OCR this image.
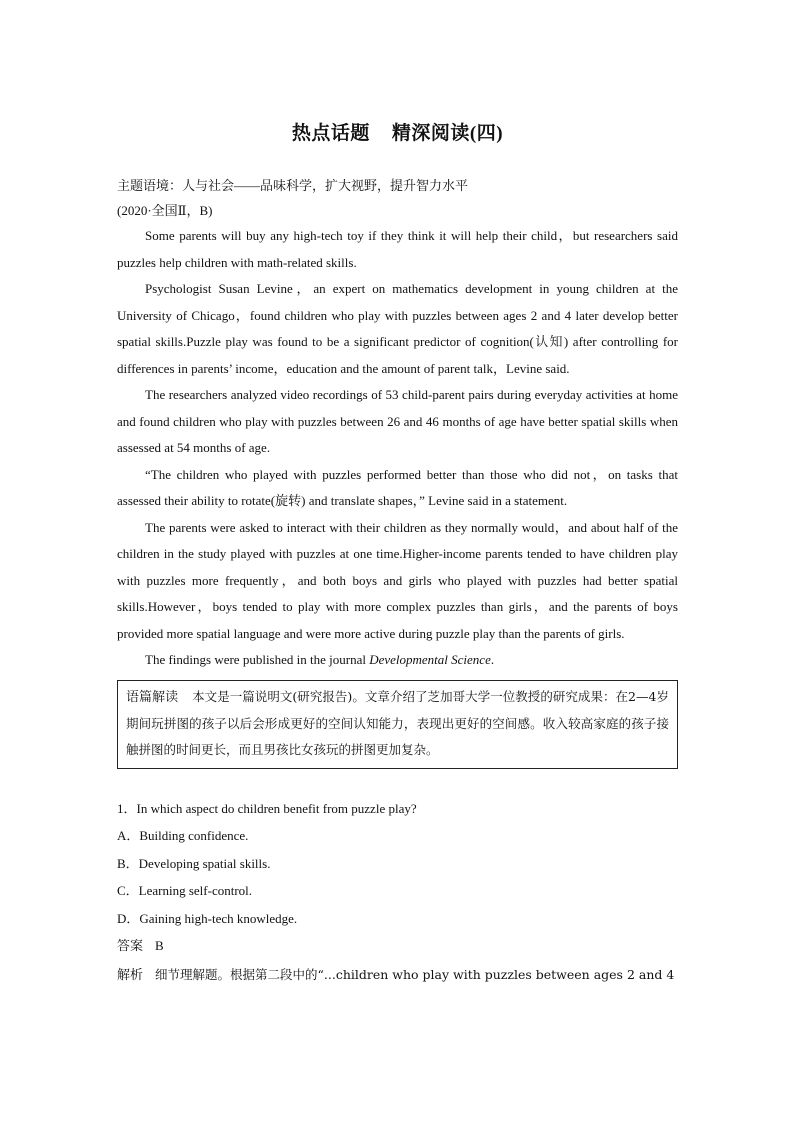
热点话题 精深阅读(四)

主题语境：人与社会——品味科学，扩大视野，提升智力水平

(2020·全国Ⅱ，B)

Some parents will buy any high-tech toy if they think it will help their child，but researchers said puzzles help children with math-related skills.

Psychologist Susan Levine，an expert on mathematics development in young children at the University of Chicago，found children who play with puzzles between ages 2 and 4 later develop better spatial skills.Puzzle play was found to be a significant predictor of cognition(认知) after controlling for differences in parents’ income，education and the amount of parent talk，Levine said.

The researchers analyzed video recordings of 53 child-parent pairs during everyday activities at home and found children who play with puzzles between 26 and 46 months of age have better spatial skills when assessed at 54 months of age.

“The children who played with puzzles performed better than those who did not，on tasks that assessed their ability to rotate(旋转) and translate shapes，” Levine said in a statement.

The parents were asked to interact with their children as they normally would，and about half of the children in the study played with puzzles at one time.Higher-income parents tended to have children play with puzzles more frequently，and both boys and girls who played with puzzles had better spatial skills.However，boys tended to play with more complex puzzles than girls，and the parents of boys provided more spatial language and were more active during puzzle play than the parents of girls.

The findings were published in the journal Developmental Science.

语篇解读 本文是一篇说明文(研究报告)。文章介绍了芝加哥大学一位教授的研究成果：在2—4岁期间玩拼图的孩子以后会形成更好的空间认知能力，表现出更好的空间感。收入较高家庭的孩子接触拼图的时间更长，而且男孩比女孩玩的拼图更加复杂。

1．In which aspect do children benefit from puzzle play?

A．Building confidence.

B．Developing spatial skills.

C．Learning self-control.

D．Gaining high-tech knowledge.

答案 B

解析 细节理解题。根据第二段中的“...children who play with puzzles between ages 2 and 4
